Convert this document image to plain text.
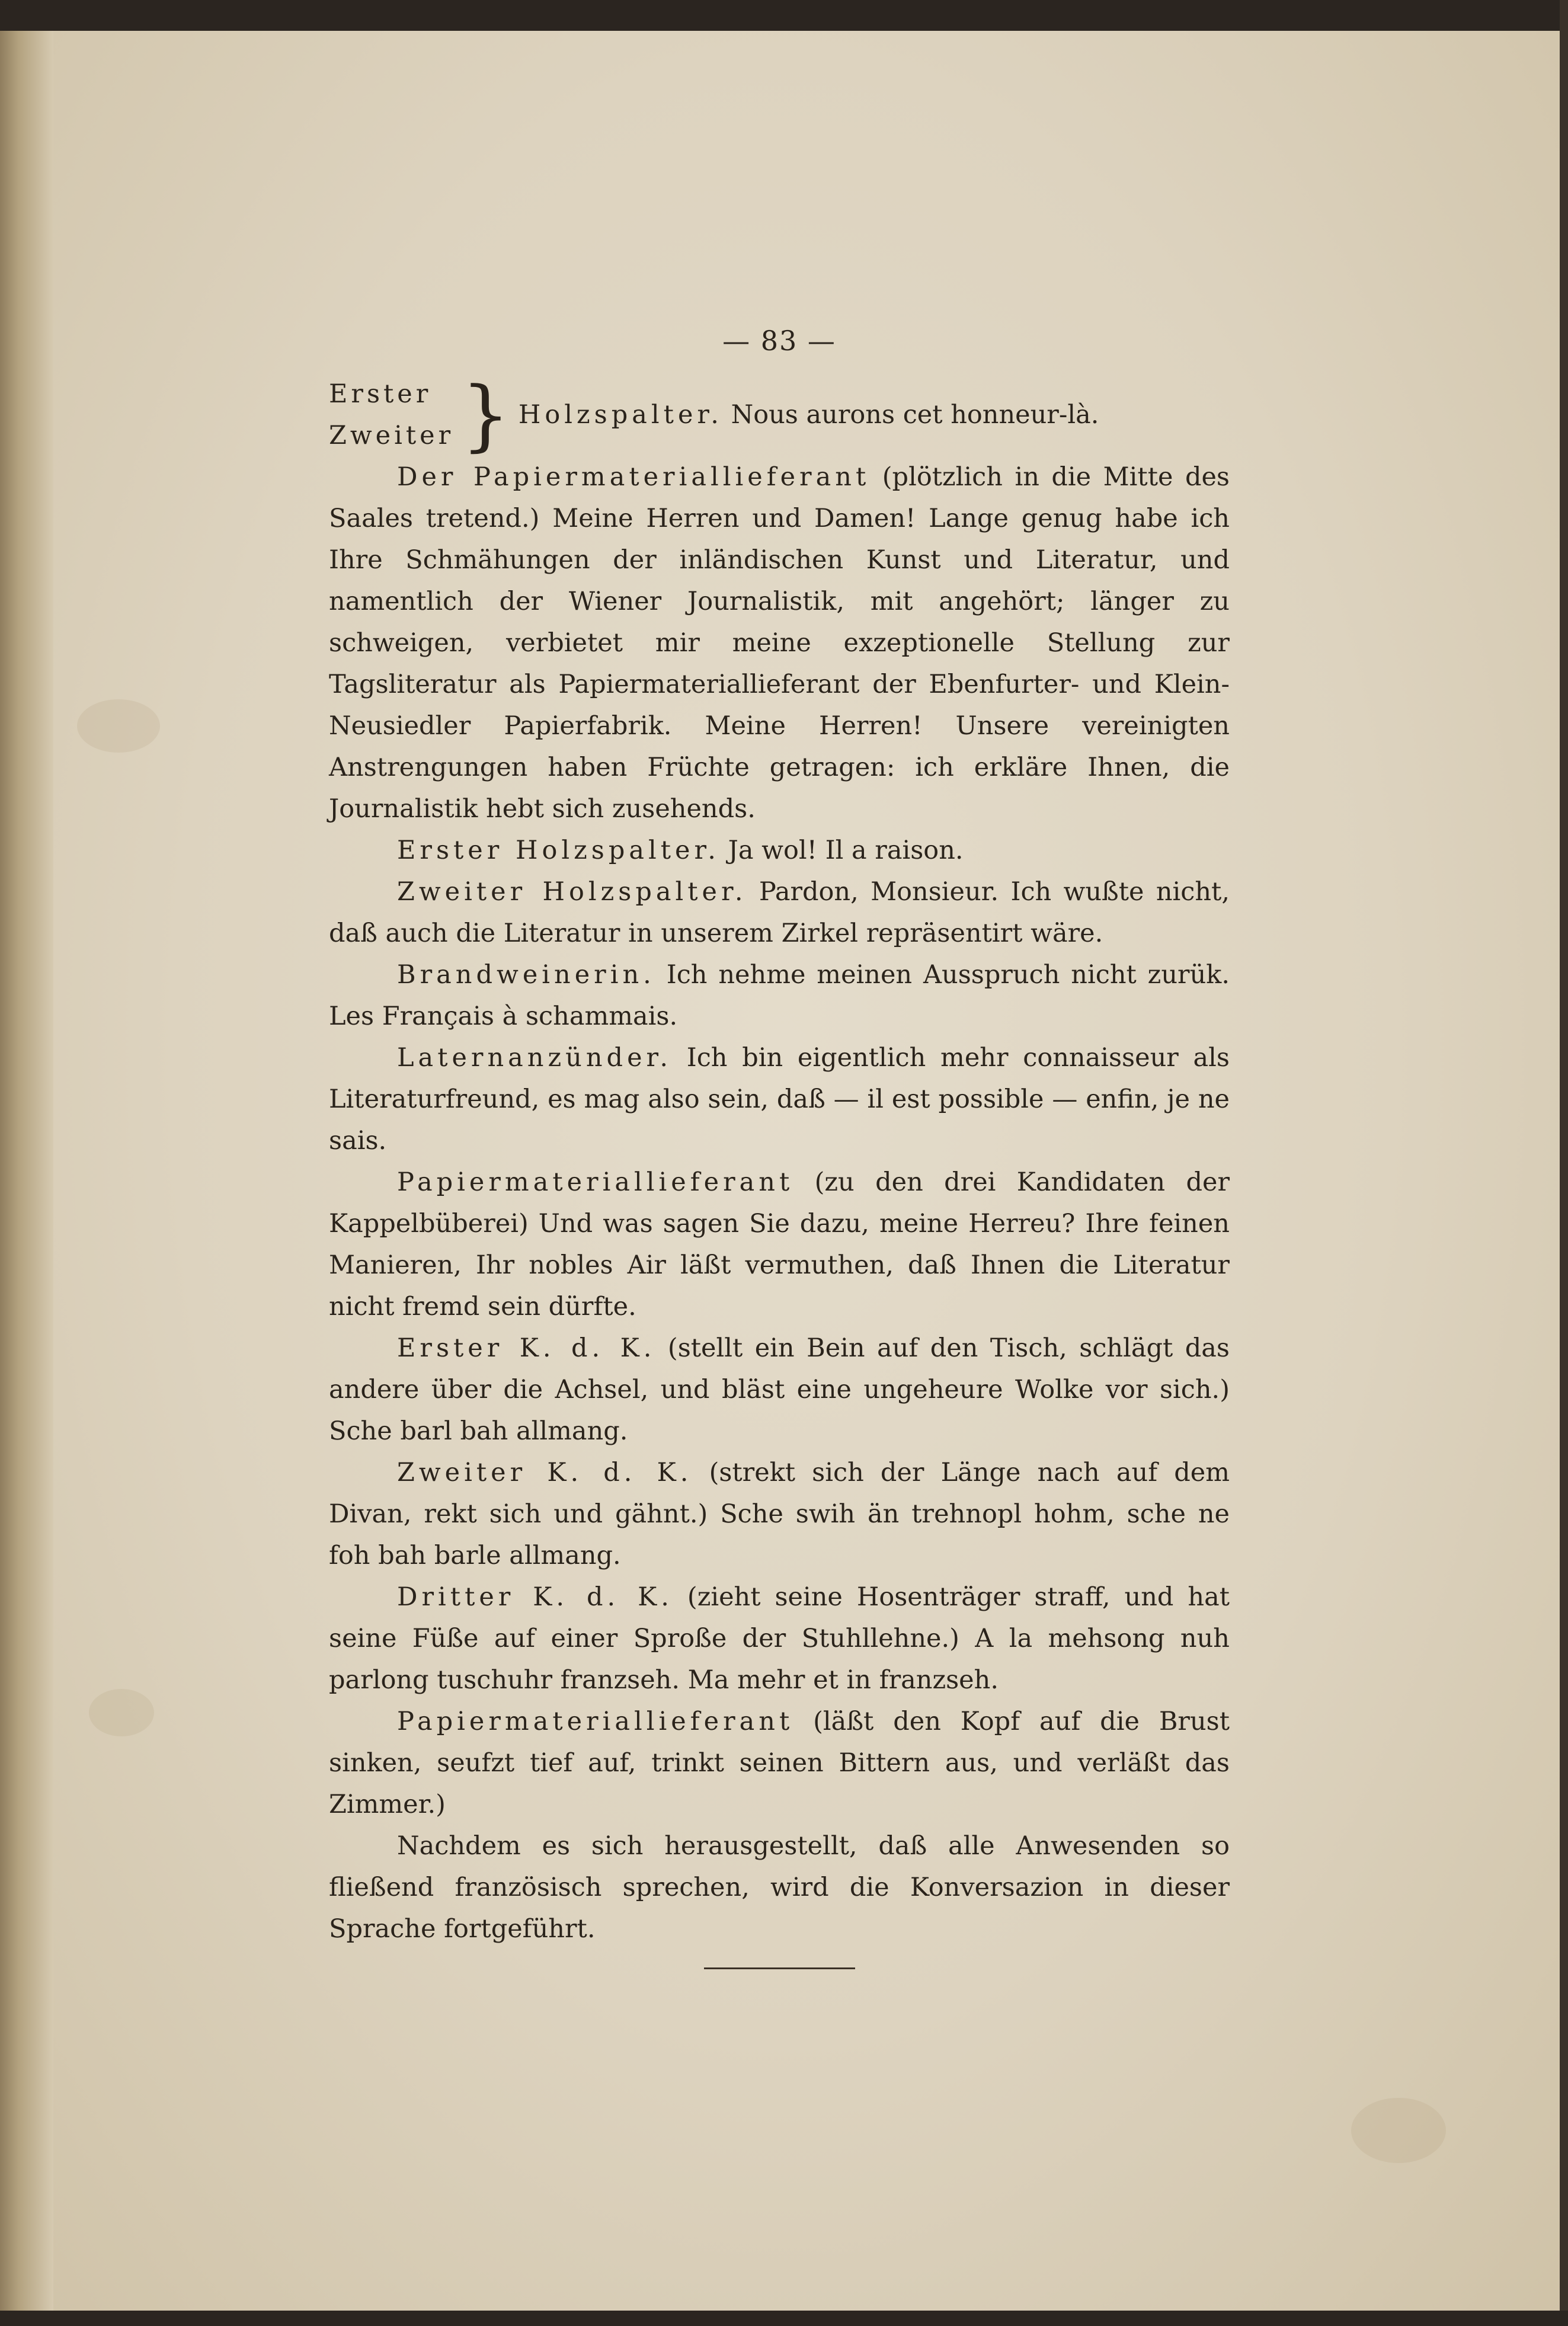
— 83 —
Erster
Zweiter } Holzspalter. Nous aurons cet honneur-là.

Der Papiermateriallieferant (plötzlich in die Mitte des Saales tretend.) Meine Herren und Damen! Lange genug habe ich Ihre Schmähungen der inländischen Kunst und Literatur, und namentlich der Wiener Journalistik, mit angehört; länger zu schweigen, verbietet mir meine exzeptionelle Stellung zur Tagsliteratur als Papiermateriallieferant der Ebenfurter- und Klein-Neusiedler Papierfabrik. Meine Herren! Unsere vereinigten Anstrengungen haben Früchte getragen: ich erkläre Ihnen, die Journalistik hebt sich zusehends.

Erster Holzspalter. Ja wol! Il a raison.

Zweiter Holzspalter. Pardon, Monsieur. Ich wußte nicht, daß auch die Literatur in unserem Zirkel repräsentirt wäre.

Brandweinerin. Ich nehme meinen Ausspruch nicht zurük. Les Français à schammais.

Laternanzünder. Ich bin eigentlich mehr connaisseur als Literaturfreund, es mag also sein, daß — il est possible — enfin, je ne sais.

Papiermateriallieferant (zu den drei Kandidaten der Kappelbüberei) Und was sagen Sie dazu, meine Herreu? Ihre feinen Manieren, Ihr nobles Air läßt vermuthen, daß Ihnen die Literatur nicht fremd sein dürfte.

Erster K. d. K. (stellt ein Bein auf den Tisch, schlägt das andere über die Achsel, und bläst eine ungeheure Wolke vor sich.) Sche barl bah allmang.

Zweiter K. d. K. (strekt sich der Länge nach auf dem Divan, rekt sich und gähnt.) Sche swih än trehnopl hohm, sche ne foh bah barle allmang.

Dritter K. d. K. (zieht seine Hosenträger straff, und hat seine Füße auf einer Sproße der Stuhllehne.) A la mehsong nuh parlong tuschuhr franzseh. Ma mehr et in franzseh.

Papiermateriallieferant (läßt den Kopf auf die Brust sinken, seufzt tief auf, trinkt seinen Bittern aus, und verläßt das Zimmer.)

Nachdem es sich herausgestellt, daß alle Anwesenden so fließend französisch sprechen, wird die Konversazion in dieser Sprache fortgeführt.
